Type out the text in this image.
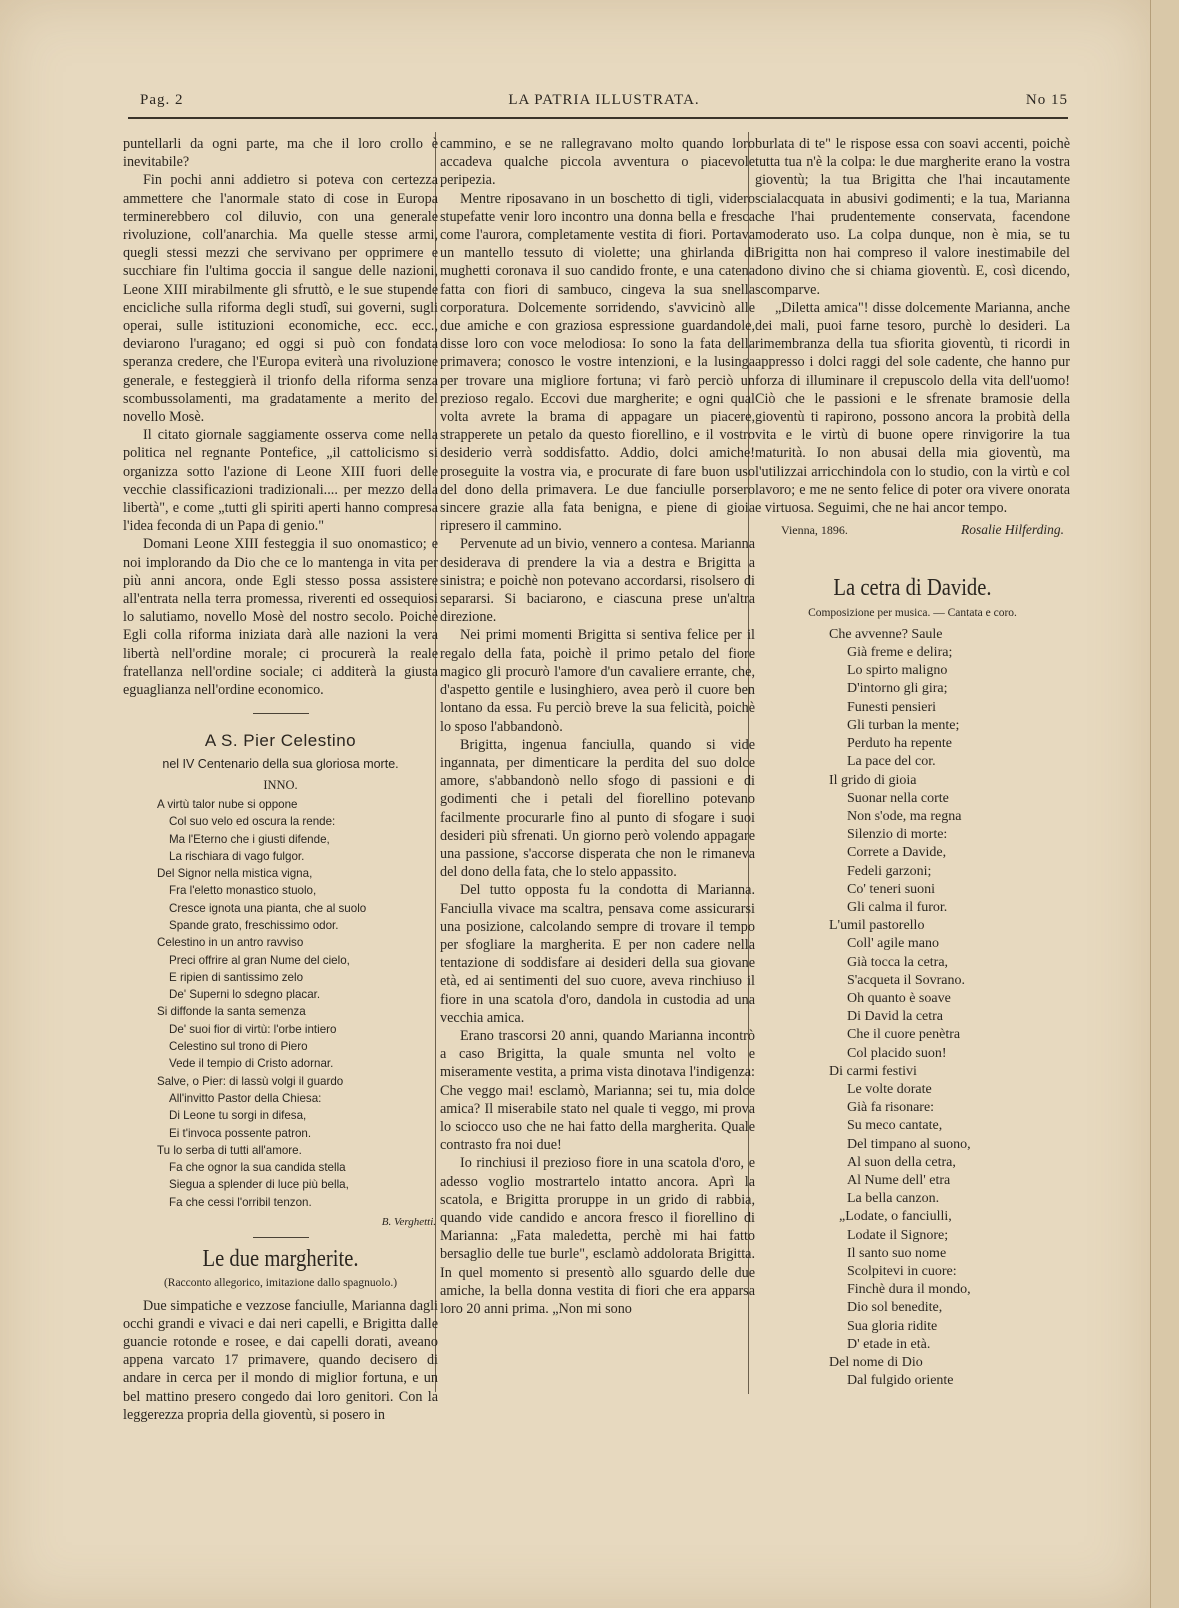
Pag. 2	LA PATRIA ILLUSTRATA.	No 15

puntellarli da ogni parte, ma che il loro crollo è inevitabile?

Fin pochi anni addietro si poteva con certezza ammettere che l'anormale stato di cose in Europa terminerebbero col diluvio, con una generale rivoluzione, coll'anarchia. Ma quelle stesse armi, quegli stessi mezzi che servivano per opprimere e succhiare fin l'ultima goccia il sangue delle nazioni, Leone XIII mirabilmente gli sfruttò, e le sue stupende encicliche sulla riforma degli studî, sui governi, sugli operai, sulle istituzioni economiche, ecc. ecc., deviarono l'uragano; ed oggi si può con fondata speranza credere, che l'Europa eviterà una rivoluzione generale, e festeggierà il trionfo della riforma senza scombussolamenti, ma gradatamente a merito del novello Mosè.

Il citato giornale saggiamente osserva come nella politica nel regnante Pontefice, „il cattolicismo si organizza sotto l'azione di Leone XIII fuori delle vecchie classificazioni tradizionali.... per mezzo della libertà", e come „tutti gli spiriti aperti hanno compresa l'idea feconda di un Papa di genio."

Domani Leone XIII festeggia il suo onomastico; e noi implorando da Dio che ce lo mantenga in vita per più anni ancora, onde Egli stesso possa assistere all'entrata nella terra promessa, riverenti ed ossequiosi lo salutiamo, novello Mosè del nostro secolo. Poichè Egli colla riforma iniziata darà alle nazioni la vera libertà nell'ordine morale; ci procurerà la reale fratellanza nell'ordine sociale; ci additerà la giusta eguaglianza nell'ordine economico.

A S. Pier Celestino
nel IV Centenario della sua gloriosa morte.
INNO.
A virtù talor nube si oppone
Col suo velo ed oscura la rende:
Ma l'Eterno che i giusti difende,
La rischiara di vago fulgor.
Del Signor nella mistica vigna,
Fra l'eletto monastico stuolo,
Cresce ignota una pianta, che al suolo
Spande grato, freschissimo odor.
Celestino in un antro ravviso
Preci offrire al gran Nume del cielo,
E ripien di santissimo zelo
De' Superni lo sdegno placar.
Si diffonde la santa semenza
De' suoi fior di virtù: l'orbe intiero
Celestino sul trono di Piero
Vede il tempio di Cristo adornar.
Salve, o Pier: di lassù volgi il guardo
All'invitto Pastor della Chiesa:
Di Leone tu sorgi in difesa,
Ei t'invoca possente patron.
Tu lo serba di tutti all'amore.
Fa che ognor la sua candida stella
Siegua a splender di luce più bella,
Fa che cessi l'orribil tenzon.
B. Verghetti.
Le due margherite.
(Racconto allegorico, imitazione dallo spagnuolo.)

Due simpatiche e vezzose fanciulle, Marianna dagli occhi grandi e vivaci e dai neri capelli, e Brigitta dalle guancie rotonde e rosee, e dai capelli dorati, aveano appena varcato 17 primavere, quando decisero di andare in cerca per il mondo di miglior fortuna, e un bel mattino presero congedo dai loro genitori. Con la leggerezza propria della gioventù, si posero in

cammino, e se ne rallegravano molto quando loro accadeva qualche piccola avventura o piacevole peripezia.

Mentre riposavano in un boschetto di tigli, videro stupefatte venir loro incontro una donna bella e fresca come l'aurora, completamente vestita di fiori. Portava un mantello tessuto di violette; una ghirlanda di mughetti coronava il suo candido fronte, e una catena fatta con fiori di sambuco, cingeva la sua snella corporatura. Dolcemente sorridendo, s'avvicinò alle due amiche e con graziosa espressione guardandole, disse loro con voce melodiosa: Io sono la fata della primavera; conosco le vostre intenzioni, e la lusinga per trovare una migliore fortuna; vi farò perciò un prezioso regalo. Eccovi due margherite; e ogni qual volta avrete la brama di appagare un piacere, strapperete un petalo da questo fiorellino, e il vostro desiderio verrà soddisfatto. Addio, dolci amiche! proseguite la vostra via, e procurate di fare buon uso del dono della primavera. Le due fanciulle porsero sincere grazie alla fata benigna, e piene di gioia ripresero il cammino.

Pervenute ad un bivio, vennero a contesa. Marianna desiderava di prendere la via a destra e Brigitta a sinistra; e poichè non potevano accordarsi, risolsero di separarsi. Si baciarono, e ciascuna prese un'altra direzione.

Nei primi momenti Brigitta si sentiva felice per il regalo della fata, poichè il primo petalo del fiore magico gli procurò l'amore d'un cavaliere errante, che, d'aspetto gentile e lusinghiero, avea però il cuore ben lontano da essa. Fu perciò breve la sua felicità, poichè lo sposo l'abbandonò.

Brigitta, ingenua fanciulla, quando si vide ingannata, per dimenticare la perdita del suo dolce amore, s'abbandonò nello sfogo di passioni e di godimenti che i petali del fiorellino potevano facilmente procurarle fino al punto di sfogare i suoi desideri più sfrenati. Un giorno però volendo appagare una passione, s'accorse disperata che non le rimaneva del dono della fata, che lo stelo appassito.

Del tutto opposta fu la condotta di Marianna. Fanciulla vivace ma scaltra, pensava come assicurarsi una posizione, calcolando sempre di trovare il tempo per sfogliare la margherita. E per non cadere nella tentazione di soddisfare ai desideri della sua giovane età, ed ai sentimenti del suo cuore, aveva rinchiuso il fiore in una scatola d'oro, dandola in custodia ad una vecchia amica.

Erano trascorsi 20 anni, quando Marianna incontrò a caso Brigitta, la quale smunta nel volto e miseramente vestita, a prima vista dinotava l'indigenza: Che veggo mai! esclamò, Marianna; sei tu, mia dolce amica? Il miserabile stato nel quale ti veggo, mi prova lo sciocco uso che ne hai fatto della margherita. Quale contrasto fra noi due!

Io rinchiusi il prezioso fiore in una scatola d'oro, e adesso voglio mostrartelo intatto ancora. Aprì la scatola, e Brigitta proruppe in un grido di rabbia, quando vide candido e ancora fresco il fiorellino di Marianna: „Fata maledetta, perchè mi hai fatto bersaglio delle tue burle", esclamò addolorata Brigitta. In quel momento si presentò allo sguardo delle due amiche, la bella donna vestita di fiori che era apparsa loro 20 anni prima. „Non mi sono

burlata di te" le rispose essa con soavi accenti, poichè tutta tua n'è la colpa: le due margherite erano la vostra gioventù; la tua Brigitta che l'hai incautamente scialacquata in abusivi godimenti; e la tua, Marianna che l'hai prudentemente conservata, facendone moderato uso. La colpa dunque, non è mia, se tu Brigitta non hai compreso il valore inestimabile del dono divino che si chiama gioventù. E, così dicendo, scomparve.

„Diletta amica"! disse dolcemente Marianna, anche dei mali, puoi farne tesoro, purchè lo desideri. La rimembranza della tua sfiorita gioventù, ti ricordi in appresso i dolci raggi del sole cadente, che hanno pur forza di illuminare il crepuscolo della vita dell'uomo! Ciò che le passioni e le sfrenate bramosie della gioventù ti rapirono, possono ancora la probità della vita e le virtù di buone opere rinvigorire la tua maturità. Io non abusai della mia gioventù, ma l'utilizzai arricchindola con lo studio, con la virtù e col lavoro; e me ne sento felice di poter ora vivere onorata e virtuosa. Seguimi, che ne hai ancor tempo.

Vienna, 1896.	Rosalie Hilferding.
La cetra di Davide.
Composizione per musica. — Cantata e coro.
Che avvenne? Saule
Già freme e delira;
Lo spirto maligno
D'intorno gli gira;
Funesti pensieri
Gli turban la mente;
Perduto ha repente
La pace del cor.
Il grido di gioia
Suonar nella corte
Non s'ode, ma regna
Silenzio di morte:
Correte a Davide,
Fedeli garzoni;
Co' teneri suoni
Gli calma il furor.
L'umil pastorello
Coll' agile mano
Già tocca la cetra,
S'acqueta il Sovrano.
Oh quanto è soave
Di David la cetra
Che il cuore penètra
Col placido suon!
Di carmi festivi
Le volte dorate
Già fa risonare:
Su meco cantate,
Del timpano al suono,
Al suon della cetra,
Al Nume dell' etra
La bella canzon.
„Lodate, o fanciulli,
Lodate il Signore;
Il santo suo nome
Scolpitevi in cuore:
Finchè dura il mondo,
Dio sol benedite,
Sua gloria ridite
D' etade in età.
Del nome di Dio
Dal fulgido oriente
